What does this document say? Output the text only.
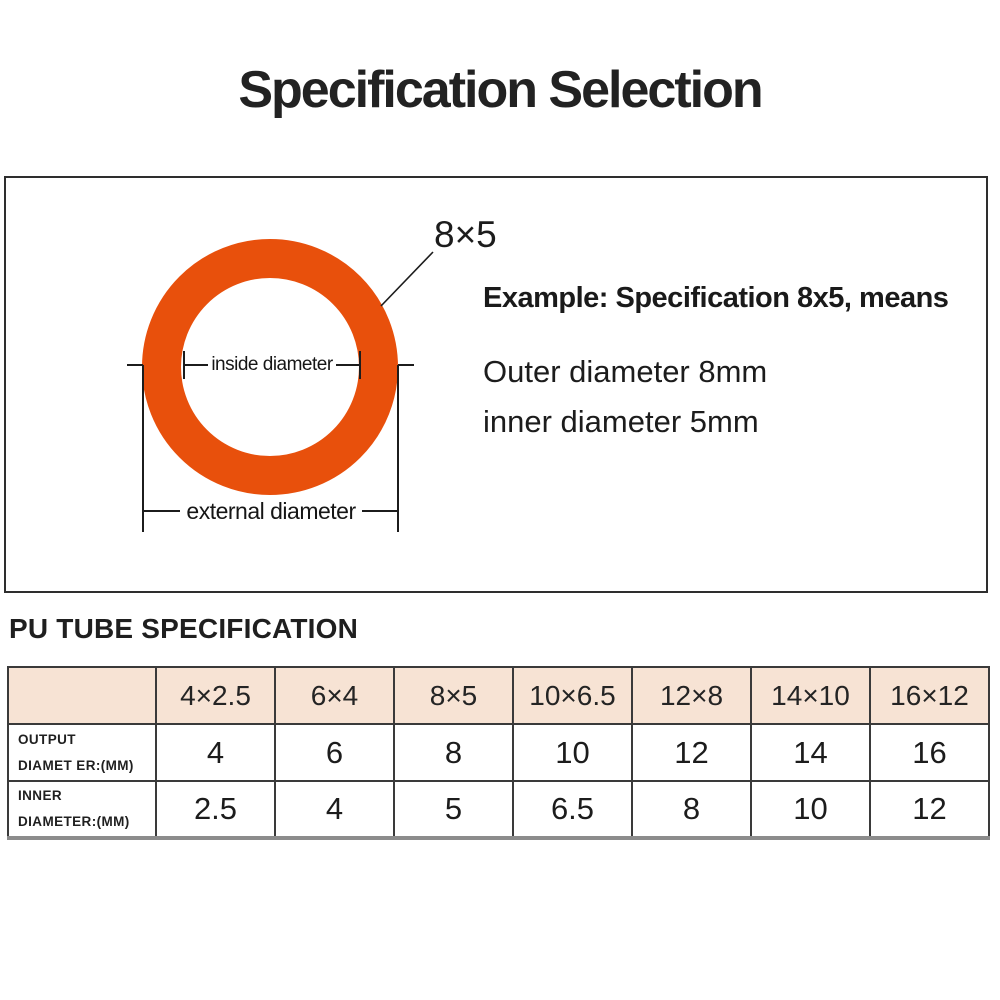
Specification Selection
8×5
inside diameter
external diameter
Example: Specification 8x5, means
Outer diameter 8mm
inner diameter 5mm
PU TUBE SPECIFICATION
	4×2.5	6×4	8×5	10×6.5	12×8	14×10	16×12

OUTPUT
DIAMET ER:(MM)	4	6	8	10	12	14	16

INNER
DIAMETER:(MM)	2.5	4	5	6.5	8	10	12
